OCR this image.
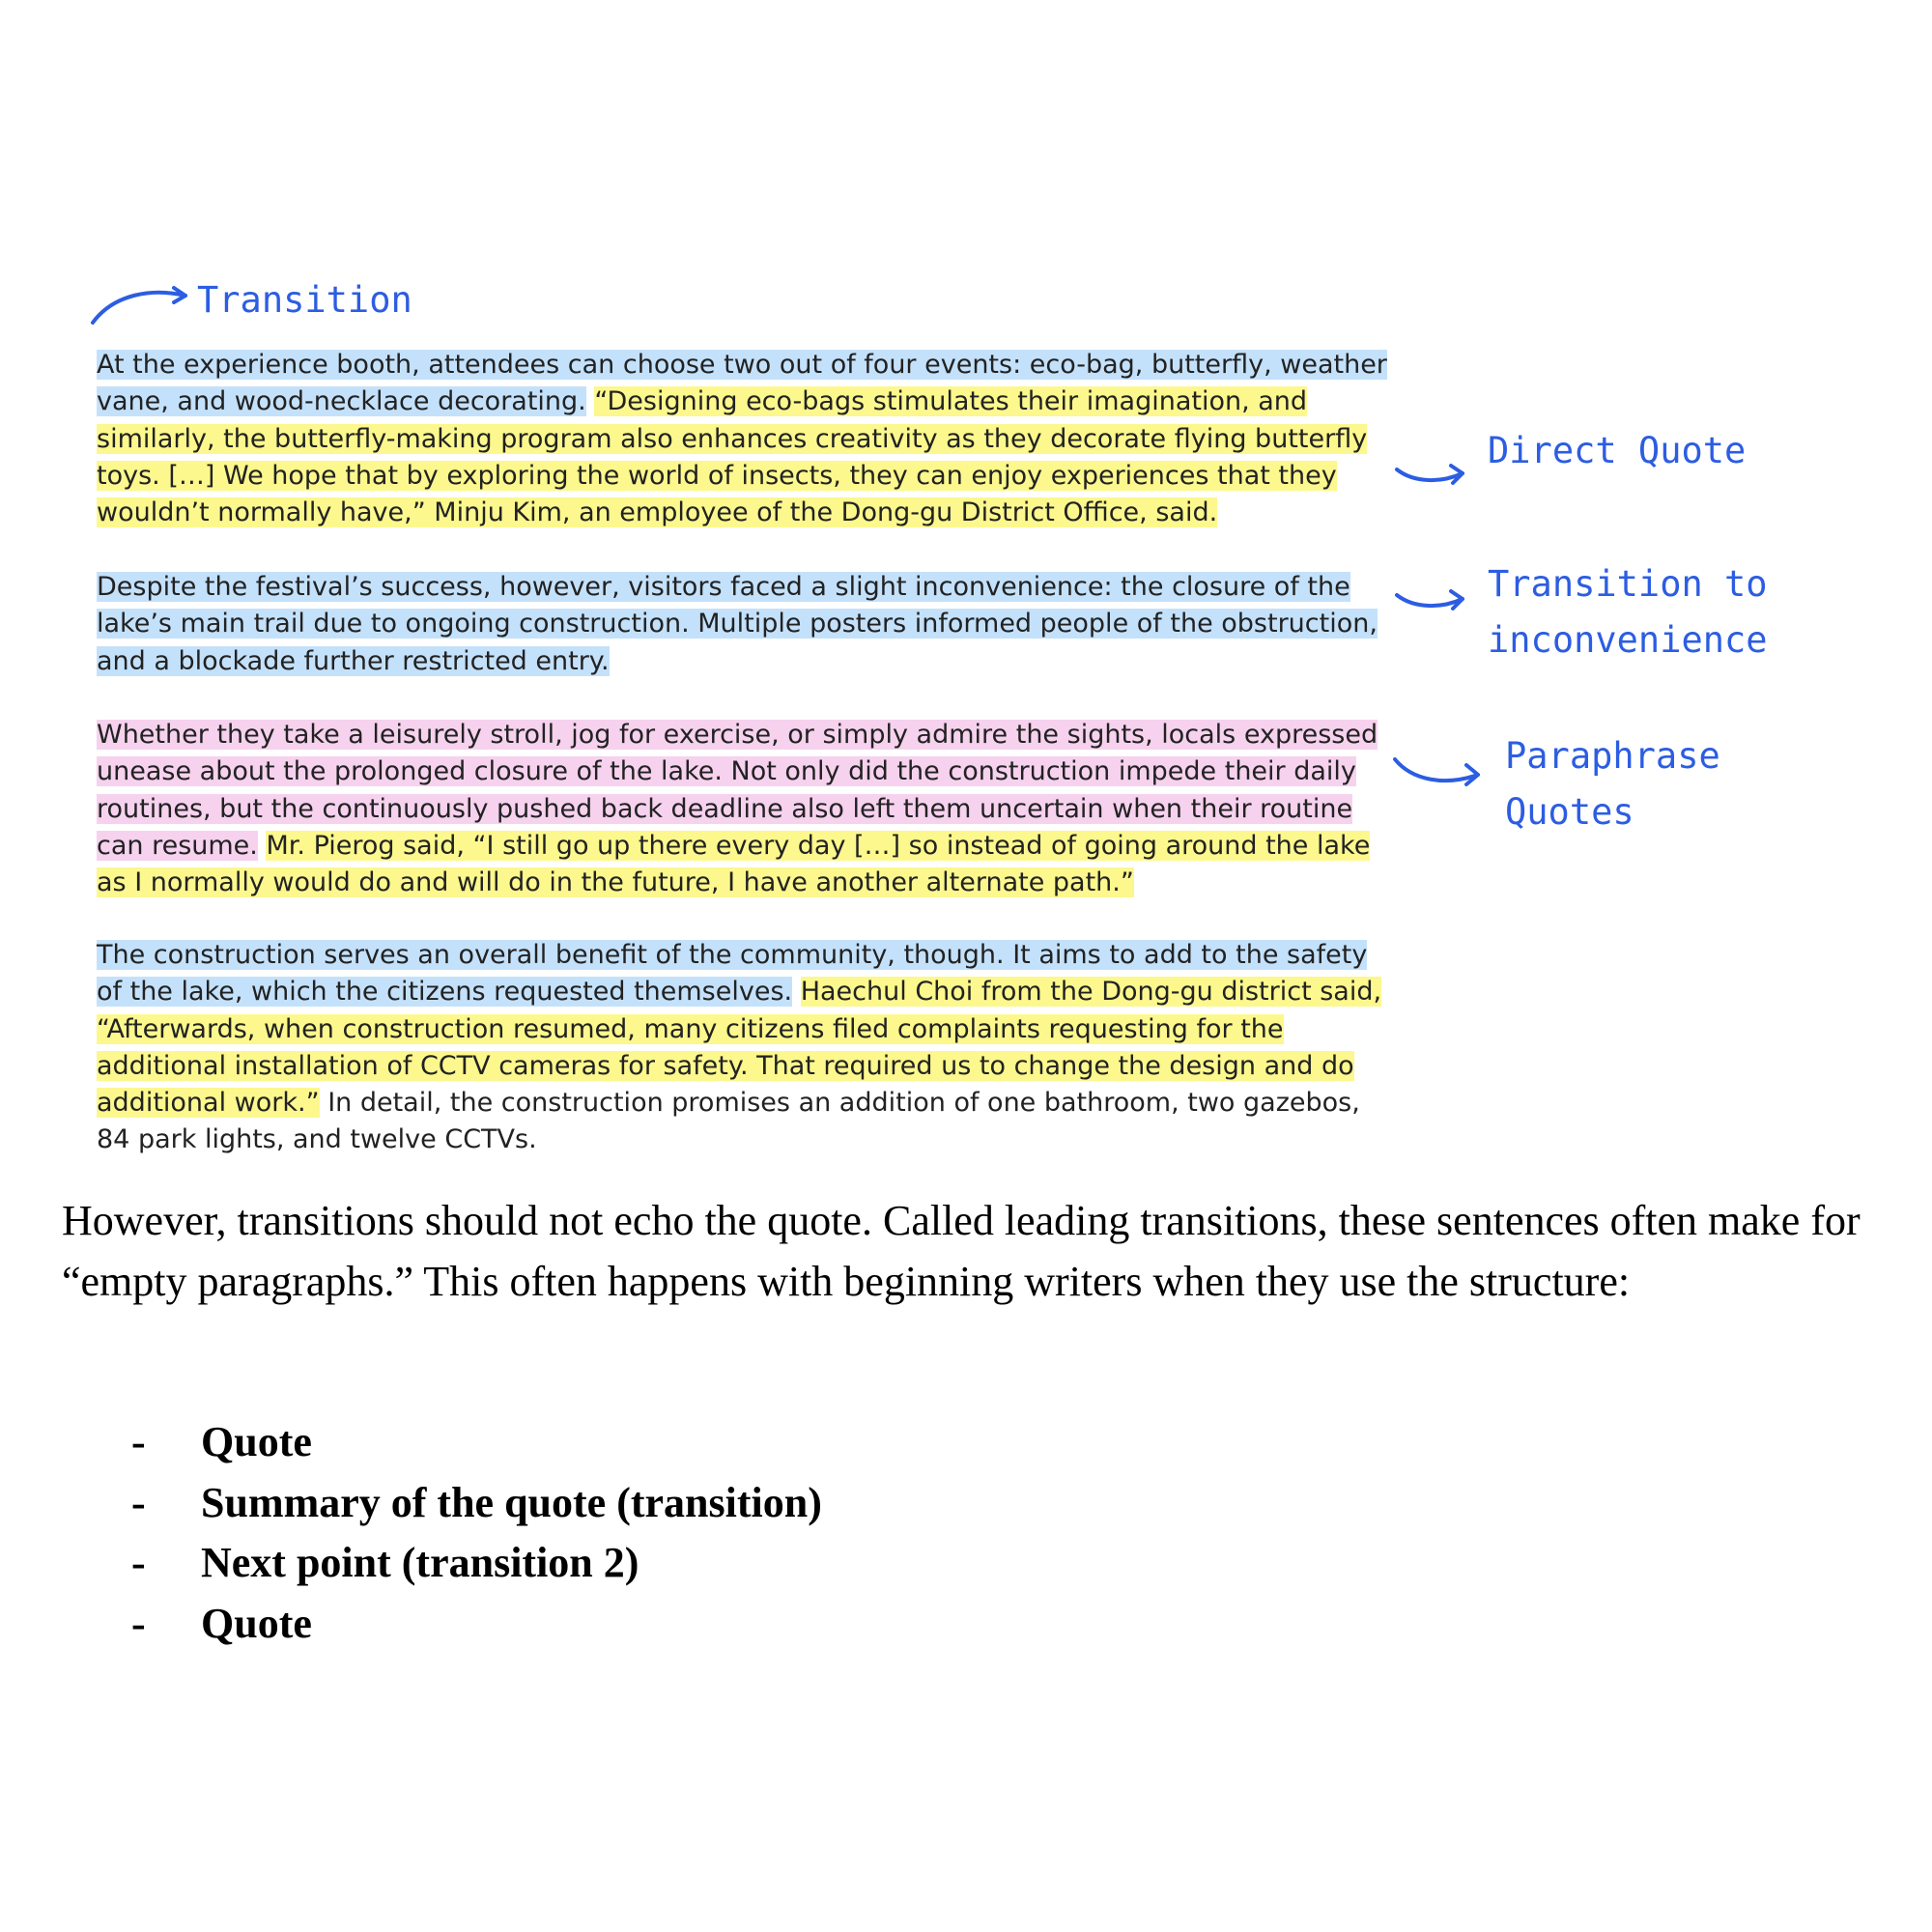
Transition

At the experience booth, attendees can choose two out of four events: eco-bag, butterfly, weather vane, and wood-necklace decorating. “Designing eco-bags stimulates their imagination, and similarly, the butterfly-making program also enhances creativity as they decorate flying butterfly toys. […] We hope that by exploring the world of insects, they can enjoy experiences that they wouldn’t normally have,” Minju Kim, an employee of the Dong-gu District Office, said.

Direct Quote

Despite the festival’s success, however, visitors faced a slight inconvenience: the closure of the lake’s main trail due to ongoing construction. Multiple posters informed people of the obstruction, and a blockade further restricted entry.

Transition to
inconvenience

Whether they take a leisurely stroll, jog for exercise, or simply admire the sights, locals expressed unease about the prolonged closure of the lake. Not only did the construction impede their daily routines, but the continuously pushed back deadline also left them uncertain when their routine can resume. Mr. Pierog said, “I still go up there every day […] so instead of going around the lake as I normally would do and will do in the future, I have another alternate path.”

Paraphrase
Quotes

The construction serves an overall benefit of the community, though. It aims to add to the safety of the lake, which the citizens requested themselves. Haechul Choi from the Dong-gu district said, “Afterwards, when construction resumed, many citizens filed complaints requesting for the additional installation of CCTV cameras for safety. That required us to change the design and do additional work.” In detail, the construction promises an addition of one bathroom, two gazebos, 84 park lights, and twelve CCTVs.

However, transitions should not echo the quote. Called leading transitions, these sentences often make for “empty paragraphs.” This often happens with beginning writers when they use the structure:

- Quote
- Summary of the quote (transition)
- Next point (transition 2)
- Quote
